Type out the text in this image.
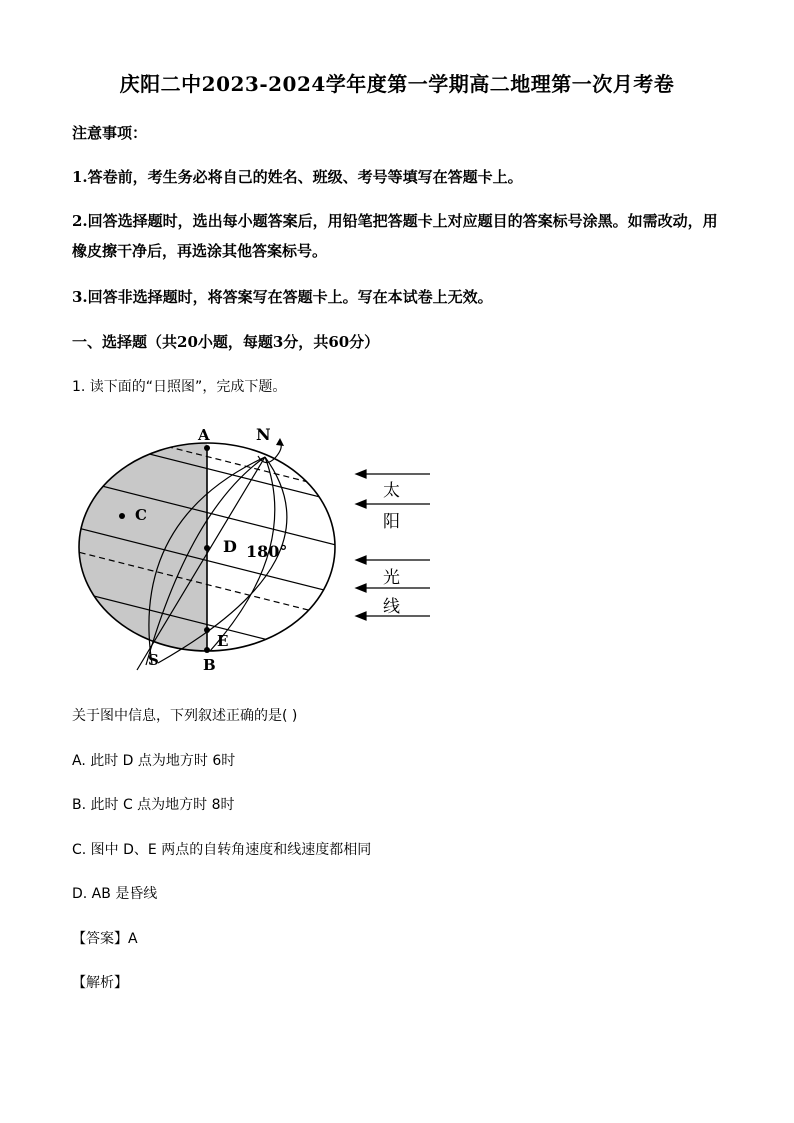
庆阳二中2023-2024学年度第一学期高二地理第一次月考卷
注意事项：
1.答卷前，考生务必将自己的姓名、班级、考号等填写在答题卡上。
2.回答选择题时，选出每小题答案后，用铅笔把答题卡上对应题目的答案标号涂黑。如需改动，用橡皮擦干净后，再选涂其他答案标号。
3.回答非选择题时，将答案写在答题卡上。写在本试卷上无效。
一、选择题（共20小题，每题3分，共60分）
1. 读下面的“日照图”，完成下题。
A	N
C
D 180°
E
S	B
太
阳
光
线
关于图中信息，下列叙述正确的是( )
A. 此时 D 点为地方时 6时
B. 此时 C 点为地方时 8时
C. 图中 D、E 两点的自转角速度和线速度都相同
D. AB 是昏线
【答案】A
【解析】
